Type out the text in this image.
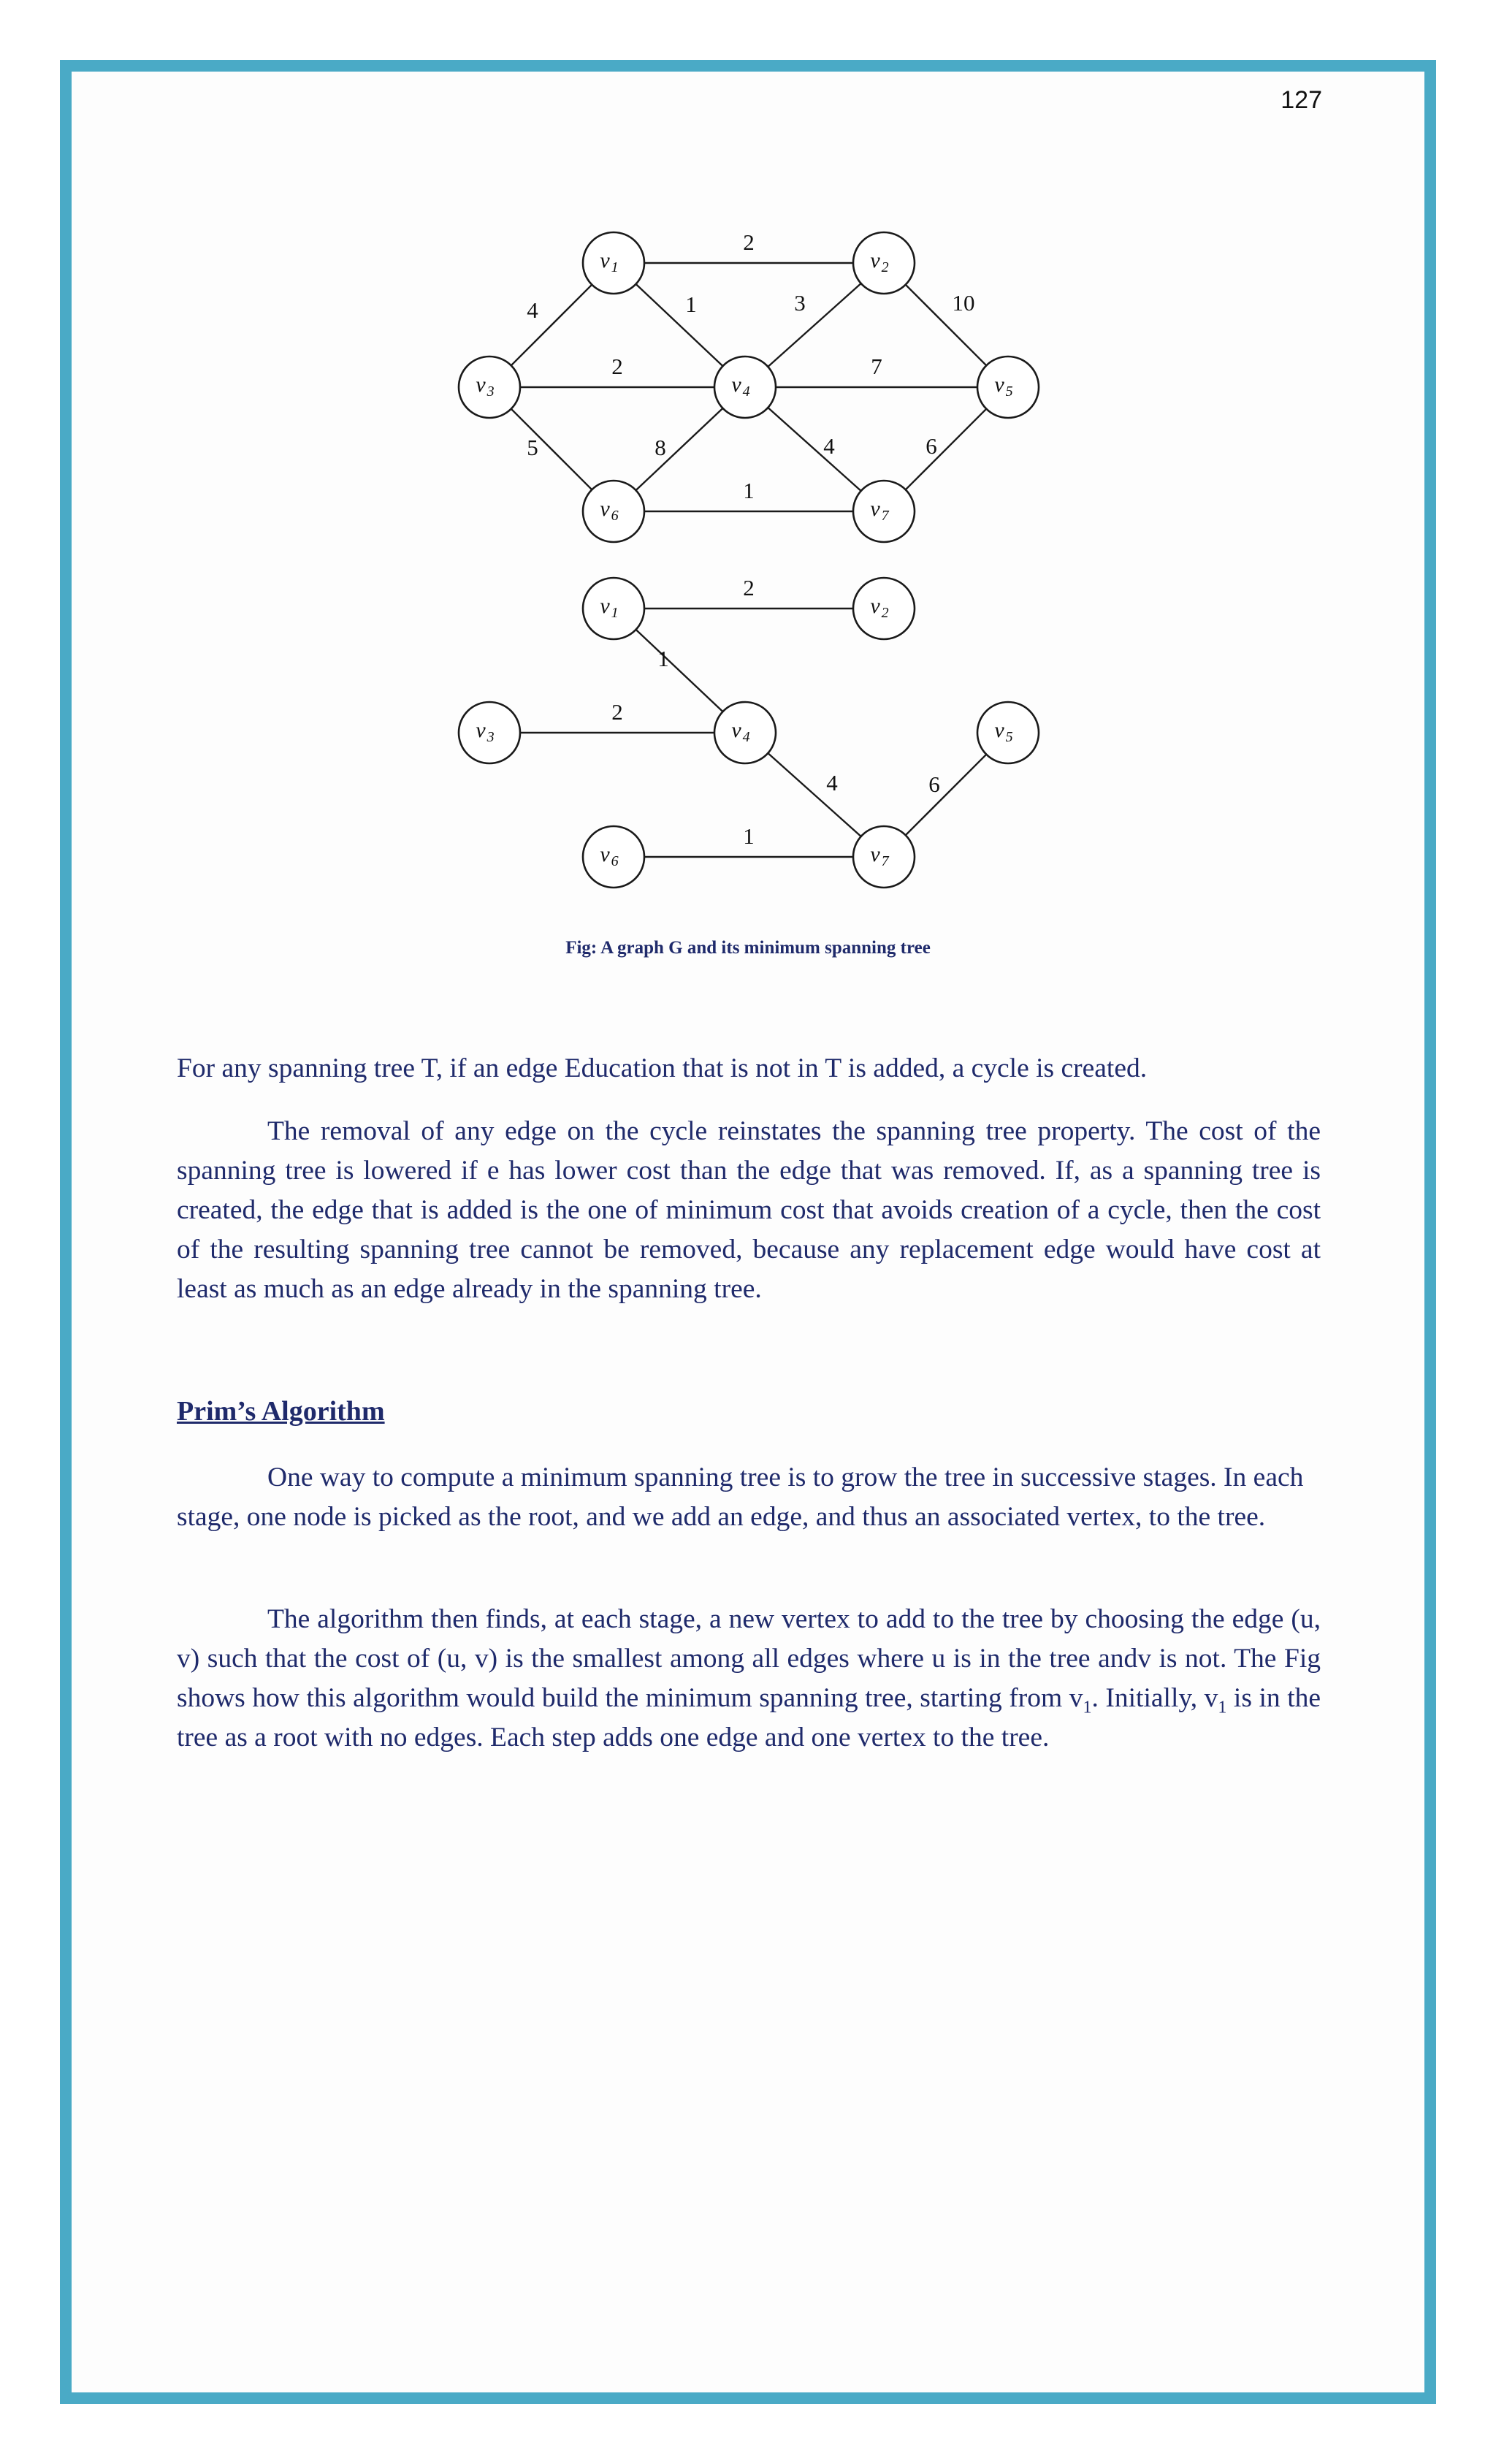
127
2
4	1	3	10
2	7
5	8	4	6
1
v $_1$	v $_2$
v $_3$	v $_4$	v $_5$
v $_6$	v $_7$
2
1
2
4	6
1
v $_1$	v $_2$
v $_3$	v $_4$	v $_5$
v $_6$	v $_7$
Fig: A graph G and its minimum spanning tree
For any spanning tree T, if an edge Education that is not in T is added, a cycle is created.
The removal of any edge on the cycle reinstates the spanning tree property. The cost of the spanning tree is lowered if e has lower cost than the edge that was removed. If, as a spanning tree is created, the edge that is added is the one of minimum cost that avoids creation of a cycle, then the cost of the resulting spanning tree cannot be removed, because any replacement edge would have cost at least as much as an edge already in the spanning tree.
Prim’s Algorithm
One way to compute a minimum spanning tree is to grow the tree in successive stages. In each stage, one node is picked as the root, and we add an edge, and thus an associated vertex, to the tree.
The algorithm then finds, at each stage, a new vertex to add to the tree by choosing the edge (u, v) such that the cost of (u, v) is the smallest among all edges where u is in the tree andv is not. The Fig shows how this algorithm would build the minimum spanning tree, starting from $v_1$. Initially, $v_1$ is in the tree as a root with no edges. Each step adds one edge and one vertex to the tree.
